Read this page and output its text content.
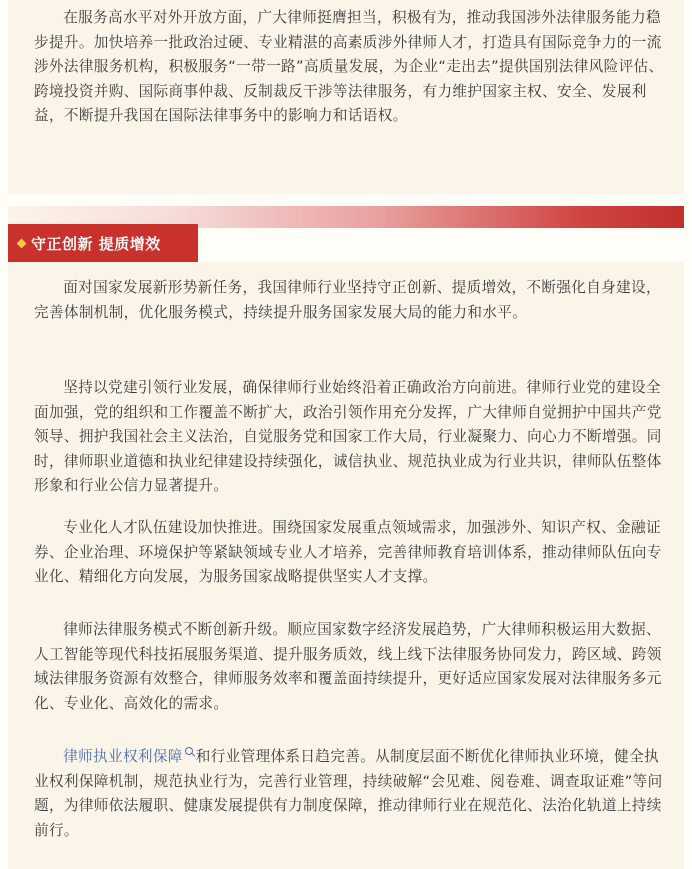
在服务高水平对外开放方面，广大律师挺膺担当，积极有为，推动我国涉外法律服务能力稳步提升。加快培养一批政治过硬、专业精湛的高素质涉外律师人才，打造具有国际竞争力的一流涉外法律服务机构，积极服务“一带一路”高质量发展，为企业“走出去”提供国别法律风险评估、跨境投资并购、国际商事仲裁、反制裁反干涉等法律服务，有力维护国家主权、安全、发展利益，不断提升我国在国际法律事务中的影响力和话语权。

守正创新 提质增效

面对国家发展新形势新任务，我国律师行业坚持守正创新、提质增效，不断强化自身建设，完善体制机制，优化服务模式，持续提升服务国家发展大局的能力和水平。

坚持以党建引领行业发展，确保律师行业始终沿着正确政治方向前进。律师行业党的建设全面加强，党的组织和工作覆盖不断扩大，政治引领作用充分发挥，广大律师自觉拥护中国共产党领导、拥护我国社会主义法治，自觉服务党和国家工作大局，行业凝聚力、向心力不断增强。同时，律师职业道德和执业纪律建设持续强化，诚信执业、规范执业成为行业共识，律师队伍整体形象和行业公信力显著提升。

专业化人才队伍建设加快推进。围绕国家发展重点领域需求，加强涉外、知识产权、金融证券、企业治理、环境保护等紧缺领域专业人才培养，完善律师教育培训体系，推动律师队伍向专业化、精细化方向发展，为服务国家战略提供坚实人才支撑。

律师法律服务模式不断创新升级。顺应国家数字经济发展趋势，广大律师积极运用大数据、人工智能等现代科技拓展服务渠道、提升服务质效，线上线下法律服务协同发力，跨区域、跨领域法律服务资源有效整合，律师服务效率和覆盖面持续提升，更好适应国家发展对法律服务多元化、专业化、高效化的需求。

律师执业权利保障 和行业管理体系日趋完善。从制度层面不断优化律师执业环境，健全执业权利保障机制，规范执业行为，完善行业管理，持续破解“会见难、阅卷难、调查取证难”等问题，为律师依法履职、健康发展提供有力制度保障，推动律师行业在规范化、法治化轨道上持续前行。
